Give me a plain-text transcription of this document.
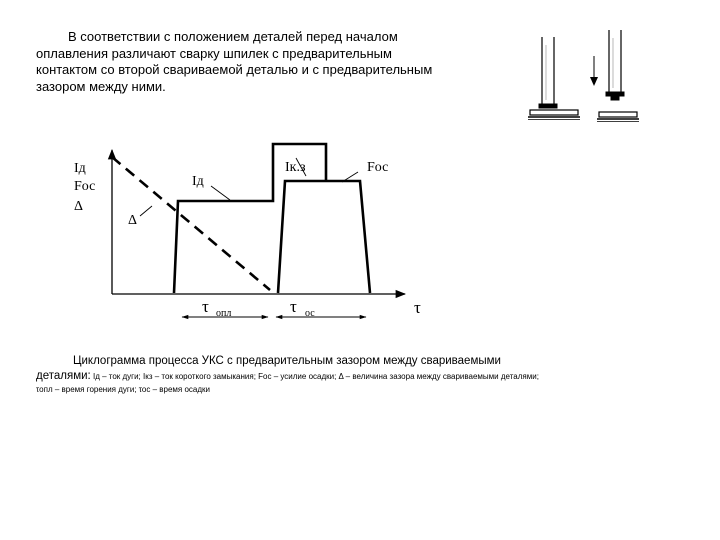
В соответствии с положением деталей перед началом
оплавления различают сварку шпилек с предварительным
контактом со второй свариваемой деталью и с предварительным
зазором между ними.

Iд
Fос
Δ
Iд
Iк.з	Fос
Δ
τ
τ опл	τ ос
Циклограмма процесса УКС с предварительным зазором между свариваемыми

деталями: Iд – ток дуги; Iкз – ток короткого замыкания; Fос – усилие осадки; Δ – величина зазора между свариваемыми деталями; τопл – время горения дуги; τос – время осадки
